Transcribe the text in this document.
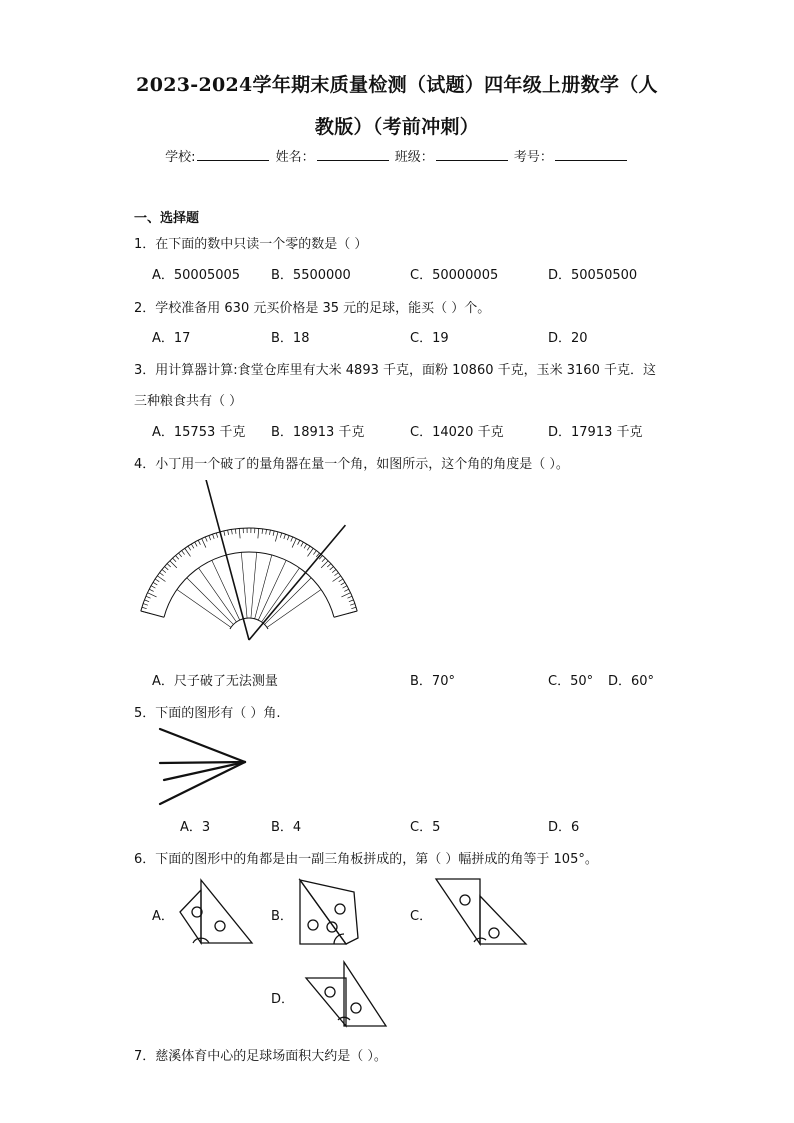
2023-2024学年期末质量检测（试题）四年级上册数学（人
教版）（考前冲刺）
学校:	姓名：	班级：	考号：
一、选择题
1．在下面的数中只读一个零的数是（ ）
A．50005005 B．5500000	C．50000005	D．50050500
2．学校准备用 630 元买价格是 35 元的足球，能买（ ）个。
A．17	B．18	C．19	D．20
3．用计算器计算:食堂仓库里有大米 4893 千克，面粉 10860 千克，玉米 3160 千克．这
三种粮食共有（ ）
A．15753 千克 B．18913 千克	C．14020 千克	D．17913 千克
4．小丁用一个破了的量角器在量一个角，如图所示，这个角的角度是（ ）。
A．尺子破了无法测量	B．70°	C．50° D．60°
5．下面的图形有（ ）角.
A．3	B．4	C．5	D．6
6．下面的图形中的角都是由一副三角板拼成的，第（ ）幅拼成的角等于 105°。
A．	B．	C．
D．
7．慈溪体育中心的足球场面积大约是（ ）。
